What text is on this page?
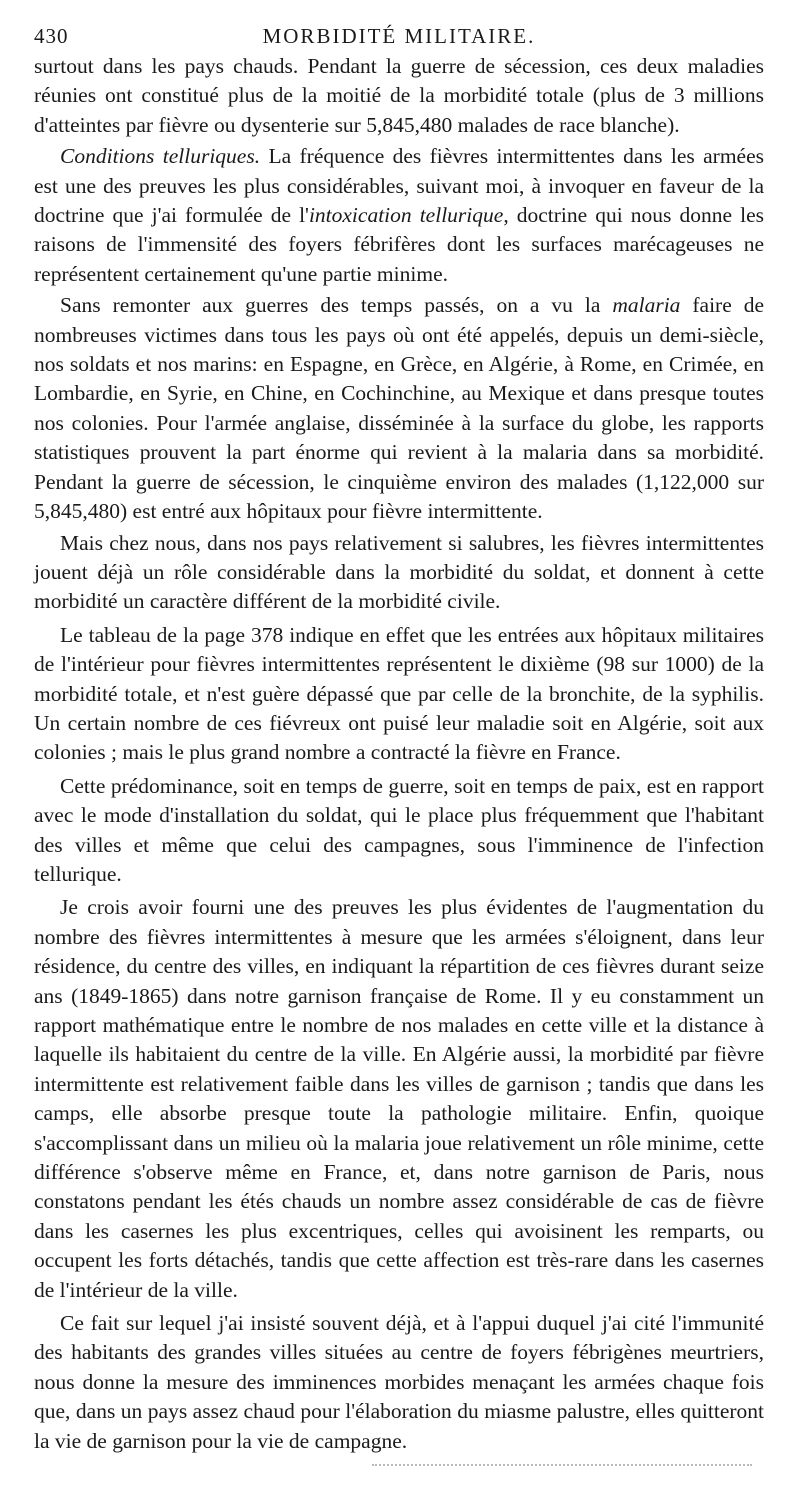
430	MORBIDITÉ MILITAIRE.

surtout dans les pays chauds. Pendant la guerre de sécession, ces deux maladies réunies ont constitué plus de la moitié de la morbidité totale (plus de 3 millions d'atteintes par fièvre ou dysenterie sur 5,845,480 malades de race blanche).

Conditions telluriques. La fréquence des fièvres intermittentes dans les armées est une des preuves les plus considérables, suivant moi, à invoquer en faveur de la doctrine que j'ai formulée de l'intoxication tellurique, doctrine qui nous donne les raisons de l'immensité des foyers fébrifères dont les surfaces marécageuses ne représentent certainement qu'une partie minime.

Sans remonter aux guerres des temps passés, on a vu la malaria faire de nombreuses victimes dans tous les pays où ont été appelés, depuis un demi-siècle, nos soldats et nos marins: en Espagne, en Grèce, en Algérie, à Rome, en Crimée, en Lombardie, en Syrie, en Chine, en Cochinchine, au Mexique et dans presque toutes nos colonies. Pour l'armée anglaise, disséminée à la surface du globe, les rapports statistiques prouvent la part énorme qui revient à la malaria dans sa morbidité. Pendant la guerre de sécession, le cinquième environ des malades (1,122,000 sur 5,845,480) est entré aux hôpitaux pour fièvre intermittente.

Mais chez nous, dans nos pays relativement si salubres, les fièvres intermittentes jouent déjà un rôle considérable dans la morbidité du soldat, et donnent à cette morbidité un caractère différent de la morbidité civile.

Le tableau de la page 378 indique en effet que les entrées aux hôpitaux militaires de l'intérieur pour fièvres intermittentes représentent le dixième (98 sur 1000) de la morbidité totale, et n'est guère dépassé que par celle de la bronchite, de la syphilis. Un certain nombre de ces fiévreux ont puisé leur maladie soit en Algérie, soit aux colonies ; mais le plus grand nombre a contracté la fièvre en France.

Cette prédominance, soit en temps de guerre, soit en temps de paix, est en rapport avec le mode d'installation du soldat, qui le place plus fréquemment que l'habitant des villes et même que celui des campagnes, sous l'imminence de l'infection tellurique.

Je crois avoir fourni une des preuves les plus évidentes de l'augmentation du nombre des fièvres intermittentes à mesure que les armées s'éloignent, dans leur résidence, du centre des villes, en indiquant la répartition de ces fièvres durant seize ans (1849-1865) dans notre garnison française de Rome. Il y eu constamment un rapport mathématique entre le nombre de nos malades en cette ville et la distance à laquelle ils habitaient du centre de la ville. En Algérie aussi, la morbidité par fièvre intermittente est relativement faible dans les villes de garnison ; tandis que dans les camps, elle absorbe presque toute la pathologie militaire. Enfin, quoique s'accomplissant dans un milieu où la malaria joue relativement un rôle minime, cette différence s'observe même en France, et, dans notre garnison de Paris, nous constatons pendant les étés chauds un nombre assez considérable de cas de fièvre dans les casernes les plus excentriques, celles qui avoisinent les remparts, ou occupent les forts détachés, tandis que cette affection est très-rare dans les casernes de l'intérieur de la ville.

Ce fait sur lequel j'ai insisté souvent déjà, et à l'appui duquel j'ai cité l'immunité des habitants des grandes villes situées au centre de foyers fébrigènes meurtriers, nous donne la mesure des imminences morbides menaçant les armées chaque fois que, dans un pays assez chaud pour l'élaboration du miasme palustre, elles quitteront la vie de garnison pour la vie de campagne.
